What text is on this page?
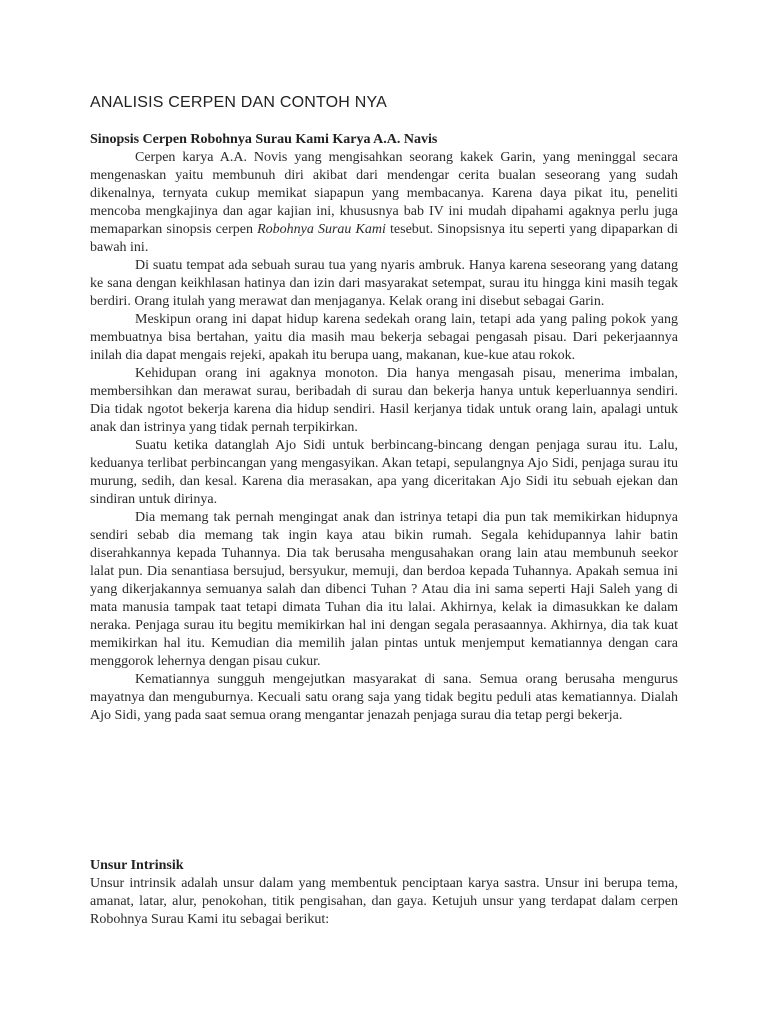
ANALISIS CERPEN DAN CONTOH NYA
Sinopsis Cerpen Robohnya Surau Kami Karya A.A. Navis

Cerpen karya A.A. Novis yang mengisahkan seorang kakek Garin, yang meninggal secara mengenaskan yaitu membunuh diri akibat dari mendengar cerita bualan seseorang yang sudah dikenalnya, ternyata cukup memikat siapapun yang membacanya. Karena daya pikat itu, peneliti mencoba mengkajinya dan agar kajian ini, khususnya bab IV ini mudah dipahami agaknya perlu juga memaparkan sinopsis cerpen Robohnya Surau Kami tesebut. Sinopsisnya itu seperti yang dipaparkan di bawah ini.

Di suatu tempat ada sebuah surau tua yang nyaris ambruk. Hanya karena seseorang yang datang ke sana dengan keikhlasan hatinya dan izin dari masyarakat setempat, surau itu hingga kini masih tegak berdiri. Orang itulah yang merawat dan menjaganya. Kelak orang ini disebut sebagai Garin.

Meskipun orang ini dapat hidup karena sedekah orang lain, tetapi ada yang paling pokok yang membuatnya bisa bertahan, yaitu dia masih mau bekerja sebagai pengasah pisau. Dari pekerjaannya inilah dia dapat mengais rejeki, apakah itu berupa uang, makanan, kue-kue atau rokok.

Kehidupan orang ini agaknya monoton. Dia hanya mengasah pisau, menerima imbalan, membersihkan dan merawat surau, beribadah di surau dan bekerja hanya untuk keperluannya sendiri. Dia tidak ngotot bekerja karena dia hidup sendiri. Hasil kerjanya tidak untuk orang lain, apalagi untuk anak dan istrinya yang tidak pernah terpikirkan.

Suatu ketika datanglah Ajo Sidi untuk berbincang-bincang dengan penjaga surau itu. Lalu, keduanya terlibat perbincangan yang mengasyikan. Akan tetapi, sepulangnya Ajo Sidi, penjaga surau itu murung, sedih, dan kesal. Karena dia merasakan, apa yang diceritakan Ajo Sidi itu sebuah ejekan dan sindiran untuk dirinya.

Dia memang tak pernah mengingat anak dan istrinya tetapi dia pun tak memikirkan hidupnya sendiri sebab dia memang tak ingin kaya atau bikin rumah. Segala kehidupannya lahir batin diserahkannya kepada Tuhannya. Dia tak berusaha mengusahakan orang lain atau membunuh seekor lalat pun. Dia senantiasa bersujud, bersyukur, memuji, dan berdoa kepada Tuhannya. Apakah semua ini yang dikerjakannya semuanya salah dan dibenci Tuhan ? Atau dia ini sama seperti Haji Saleh yang di mata manusia tampak taat tetapi dimata Tuhan dia itu lalai. Akhirnya, kelak ia dimasukkan ke dalam neraka. Penjaga surau itu begitu memikirkan hal ini dengan segala perasaannya. Akhirnya, dia tak kuat memikirkan hal itu. Kemudian dia memilih jalan pintas untuk menjemput kematiannya dengan cara menggorok lehernya dengan pisau cukur.

Kematiannya sungguh mengejutkan masyarakat di sana. Semua orang berusaha mengurus mayatnya dan menguburnya. Kecuali satu orang saja yang tidak begitu peduli atas kematiannya. Dialah Ajo Sidi, yang pada saat semua orang mengantar jenazah penjaga surau dia tetap pergi bekerja.

Unsur Intrinsik

Unsur intrinsik adalah unsur dalam yang membentuk penciptaan karya sastra. Unsur ini berupa tema, amanat, latar, alur, penokohan, titik pengisahan, dan gaya. Ketujuh unsur yang terdapat dalam cerpen Robohnya Surau Kami itu sebagai berikut:
